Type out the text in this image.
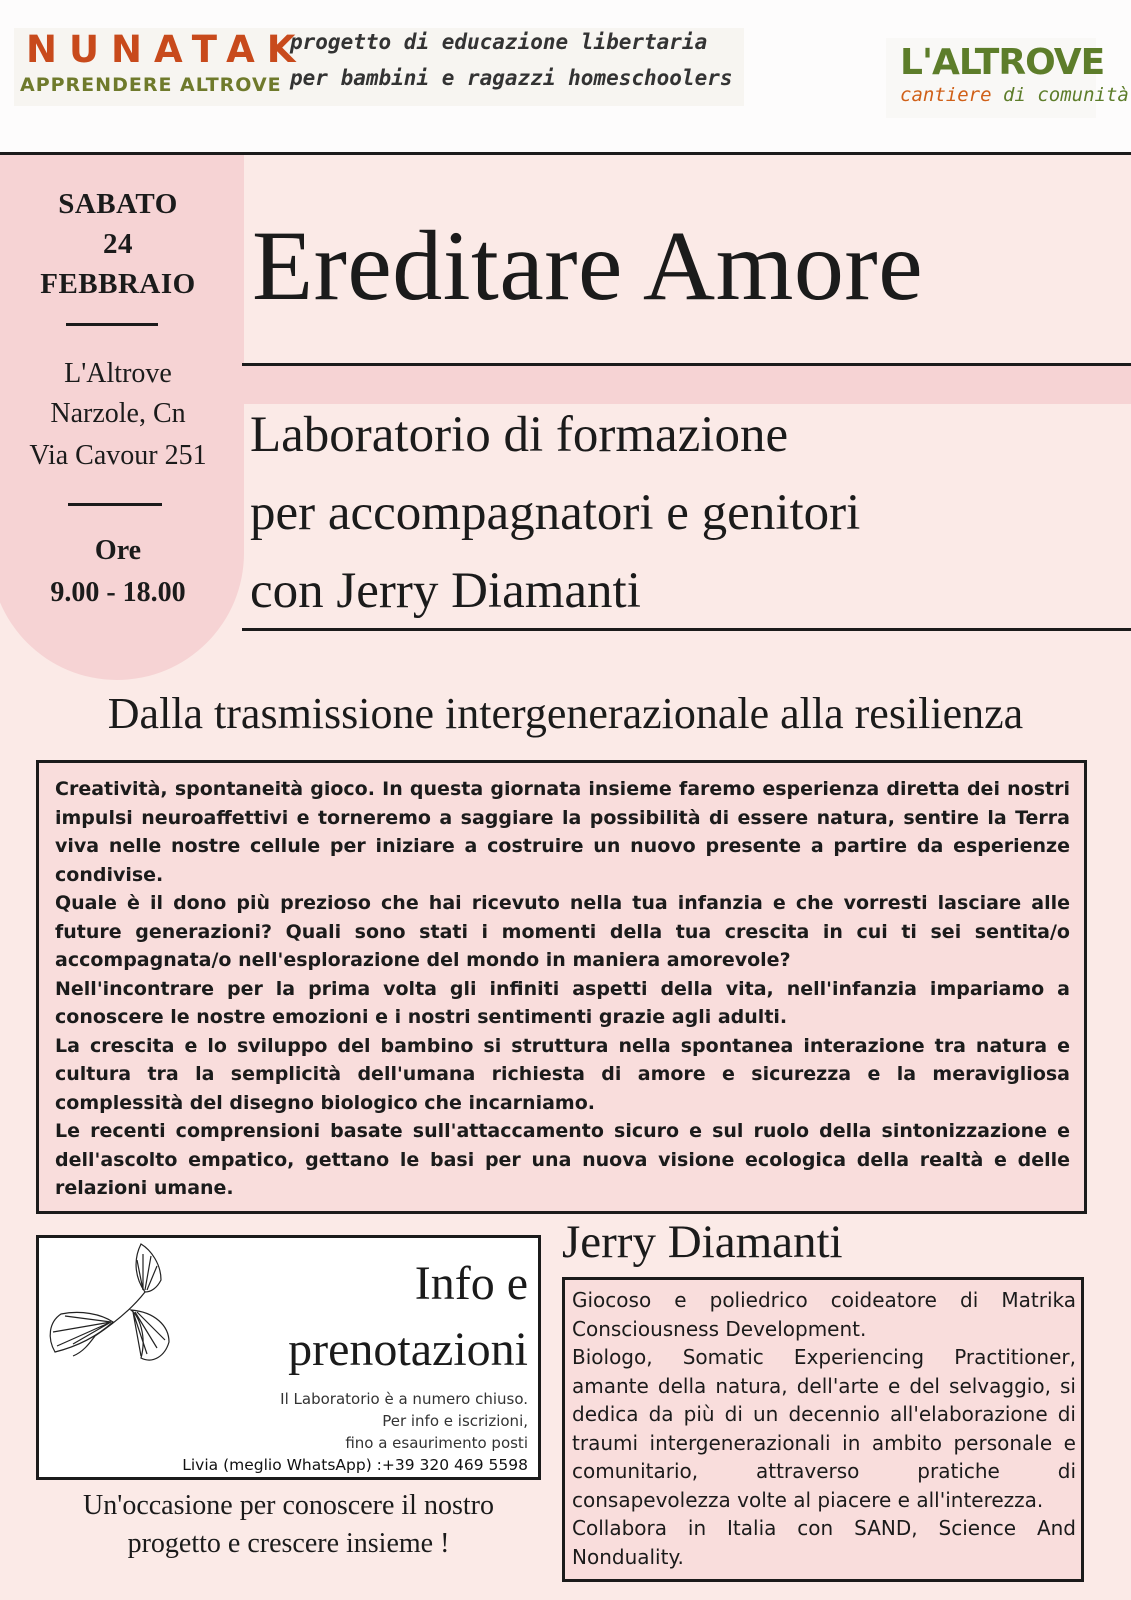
NUNATAK
APPRENDERE ALTROVE
progetto di educazione libertaria
per bambini e ragazzi homeschoolers	L'ALTROVE
cantiere di comunità
SABATO
24
FEBBRAIO
L'Altrove
Narzole, Cn
Via Cavour 251
Ore
9.00 - 18.00
Ereditare Amore
Laboratorio di formazione
per accompagnatori e genitori
con Jerry Diamanti
Dalla trasmissione intergenerazionale alla resilienza

Creatività, spontaneità gioco. In questa giornata insieme faremo esperienza diretta dei nostri impulsi neuroaffettivi e torneremo a saggiare la possibilità di essere natura, sentire la Terra viva nelle nostre cellule per iniziare a costruire un nuovo presente a partire da esperienze condivise.

Quale è il dono più prezioso che hai ricevuto nella tua infanzia e che vorresti lasciare alle future generazioni? Quali sono stati i momenti della tua crescita in cui ti sei sentita/o accompagnata/o nell'esplorazione del mondo in maniera amorevole?

Nell'incontrare per la prima volta gli infiniti aspetti della vita, nell'infanzia impariamo a conoscere le nostre emozioni e i nostri sentimenti grazie agli adulti.

La crescita e lo sviluppo del bambino si struttura nella spontanea interazione tra natura e cultura tra la semplicità dell'umana richiesta di amore e sicurezza e la meravigliosa complessità del disegno biologico che incarniamo.

Le recenti comprensioni basate sull'attaccamento sicuro e sul ruolo della sintonizzazione e dell'ascolto empatico, gettano le basi per una nuova visione ecologica della realtà e delle relazioni umane.

Info e
prenotazioni
Il Laboratorio è a numero chiuso.
Per info e iscrizioni,
fino a esaurimento posti
Livia (meglio WhatsApp) :+39 320 469 5598
Un'occasione per conoscere il nostro
progetto e crescere insieme !
Jerry Diamanti

Giocoso e poliedrico coideatore di Matrika Consciousness Development.

Biologo, Somatic Experiencing Practitioner, amante della natura, dell'arte e del selvaggio, si dedica da più di un decennio all'elaborazione di traumi intergenerazionali in ambito personale e comunitario, attraverso pratiche di consapevolezza volte al piacere e all'interezza.

Collabora in Italia con SAND, Science And Nonduality.
